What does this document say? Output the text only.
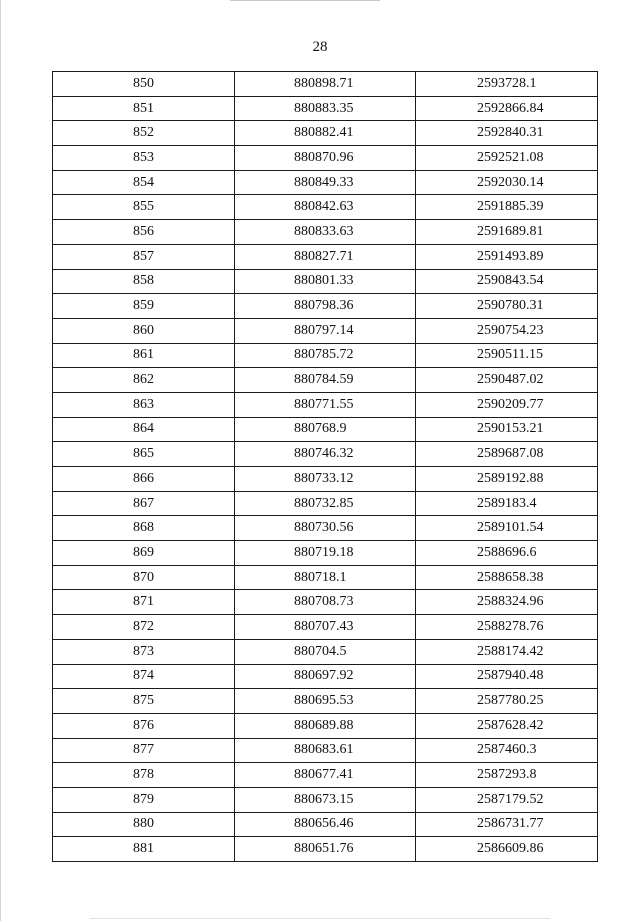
28
850	880898.71	2593728.1
851	880883.35	2592866.84
852	880882.41	2592840.31
853	880870.96	2592521.08
854	880849.33	2592030.14
855	880842.63	2591885.39
856	880833.63	2591689.81
857	880827.71	2591493.89
858	880801.33	2590843.54
859	880798.36	2590780.31
860	880797.14	2590754.23
861	880785.72	2590511.15
862	880784.59	2590487.02
863	880771.55	2590209.77
864	880768.9	2590153.21
865	880746.32	2589687.08
866	880733.12	2589192.88
867	880732.85	2589183.4
868	880730.56	2589101.54
869	880719.18	2588696.6
870	880718.1	2588658.38
871	880708.73	2588324.96
872	880707.43	2588278.76
873	880704.5	2588174.42
874	880697.92	2587940.48
875	880695.53	2587780.25
876	880689.88	2587628.42
877	880683.61	2587460.3
878	880677.41	2587293.8
879	880673.15	2587179.52
880	880656.46	2586731.77
881	880651.76	2586609.86
